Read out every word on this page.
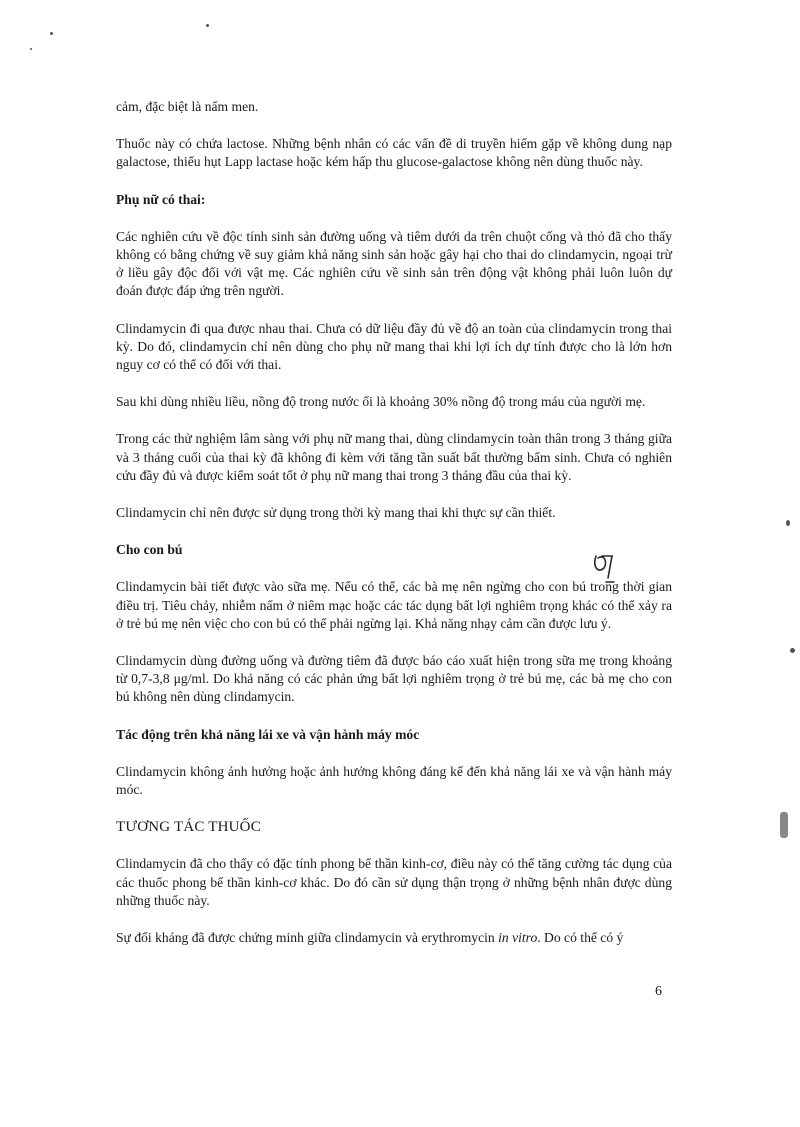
cảm, đặc biệt là nấm men.

Thuốc này có chứa lactose. Những bệnh nhân có các vấn đề di truyền hiếm gặp về không dung nạp galactose, thiếu hụt Lapp lactase hoặc kém hấp thu glucose-galactose không nên dùng thuốc này.

Phụ nữ có thai:

Các nghiên cứu về độc tính sinh sản đường uống và tiêm dưới da trên chuột cống và thỏ đã cho thấy không có bằng chứng về suy giảm khả năng sinh sản hoặc gây hại cho thai do clindamycin, ngoại trừ ở liều gây độc đối với vật mẹ. Các nghiên cứu về sinh sản trên động vật không phải luôn luôn dự đoán được đáp ứng trên người.

Clindamycin đi qua được nhau thai. Chưa có dữ liệu đầy đủ về độ an toàn của clindamycin trong thai kỳ. Do đó, clindamycin chỉ nên dùng cho phụ nữ mang thai khi lợi ích dự tính được cho là lớn hơn nguy cơ có thể có đối với thai.

Sau khi dùng nhiều liều, nồng độ trong nước ối là khoảng 30% nồng độ trong máu của người mẹ.

Trong các thử nghiệm lâm sàng với phụ nữ mang thai, dùng clindamycin toàn thân trong 3 tháng giữa và 3 tháng cuối của thai kỳ đã không đi kèm với tăng tần suất bất thường bẩm sinh. Chưa có nghiên cứu đầy đủ và được kiểm soát tốt ở phụ nữ mang thai trong 3 tháng đầu của thai kỳ.

Clindamycin chỉ nên được sử dụng trong thời kỳ mang thai khi thực sự cần thiết.

Cho con bú

Clindamycin bài tiết được vào sữa mẹ. Nếu có thể, các bà mẹ nên ngừng cho con bú trong thời gian điều trị. Tiêu chảy, nhiễm nấm ở niêm mạc hoặc các tác dụng bất lợi nghiêm trọng khác có thể xảy ra ở trẻ bú mẹ nên việc cho con bú có thể phải ngừng lại. Khả năng nhạy cảm cần được lưu ý.

Clindamycin dùng đường uống và đường tiêm đã được báo cáo xuất hiện trong sữa mẹ trong khoảng từ 0,7-3,8 μg/ml. Do khả năng có các phản ứng bất lợi nghiêm trọng ở trẻ bú mẹ, các bà mẹ cho con bú không nên dùng clindamycin.

Tác động trên khả năng lái xe và vận hành máy móc

Clindamycin không ảnh hưởng hoặc ảnh hưởng không đáng kể đến khả năng lái xe và vận hành máy móc.

TƯƠNG TÁC THUỐC

Clindamycin đã cho thấy có đặc tính phong bế thần kinh-cơ, điều này có thể tăng cường tác dụng của các thuốc phong bế thần kinh-cơ khác. Do đó cần sử dụng thận trọng ở những bệnh nhân được dùng những thuốc này.

Sự đối kháng đã được chứng minh giữa clindamycin và erythromycin in vitro. Do có thể có ý

6
